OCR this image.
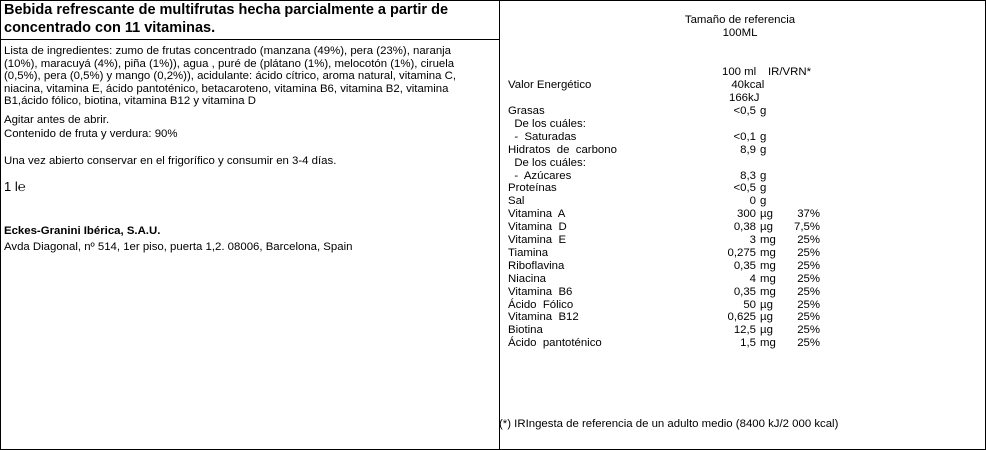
Bebida refrescante de multifrutas hecha parcialmente a partir de concentrado con 11 vitaminas.
Lista de ingredientes: zumo de frutas concentrado (manzana (49%), pera (23%), naranja (10%), maracuyá (4%), piña (1%)), agua , puré de (plátano (1%), melocotón (1%), ciruela (0,5%), pera (0,5%) y mango (0,2%)), acidulante: ácido cítrico, aroma natural, vitamina C, niacina, vitamina E, ácido pantoténico, betacaroteno, vitamina B6, vitamina B2, vitamina B1,ácido fólico, biotina, vitamina B12 y vitamina D
Agitar antes de abrir.
Contenido de fruta y verdura: 90%
Una vez abierto conservar en el frigorífico y consumir en 3-4 días.
1 l℮
Eckes-Granini Ibérica, S.A.U.
Avda Diagonal, nº 514, 1er piso, puerta 1,2. 08006, Barcelona, Spain
Tamaño de referencia
100ML
100 ml IR/VRN*
Valor Energético	40 kcal
166 kJ
Grasas	<0,5 g
De los cuáles:
-  Saturadas	<0,1 g
Hidratos  de  carbono	8,9 g
De los cuáles:
-  Azúcares	8,3 g
Proteínas	<0,5 g
Sal	0 g
Vitamina  A	300 µg	37%
Vitamina  D	0,38 µg	7,5%
Vitamina  E	3 mg	25%
Tiamina	0,275 mg	25%
Riboflavina	0,35 mg	25%
Niacina	4 mg	25%
Vitamina  B6	0,35 mg	25%
Ácido  Fólico	50 µg	25%
Vitamina  B12	0,625 µg	25%
Biotina	12,5 µg	25%
Ácido  pantoténico	1,5 mg	25%
(*) IRIngesta de referencia de un adulto medio (8400 kJ/2 000 kcal)
